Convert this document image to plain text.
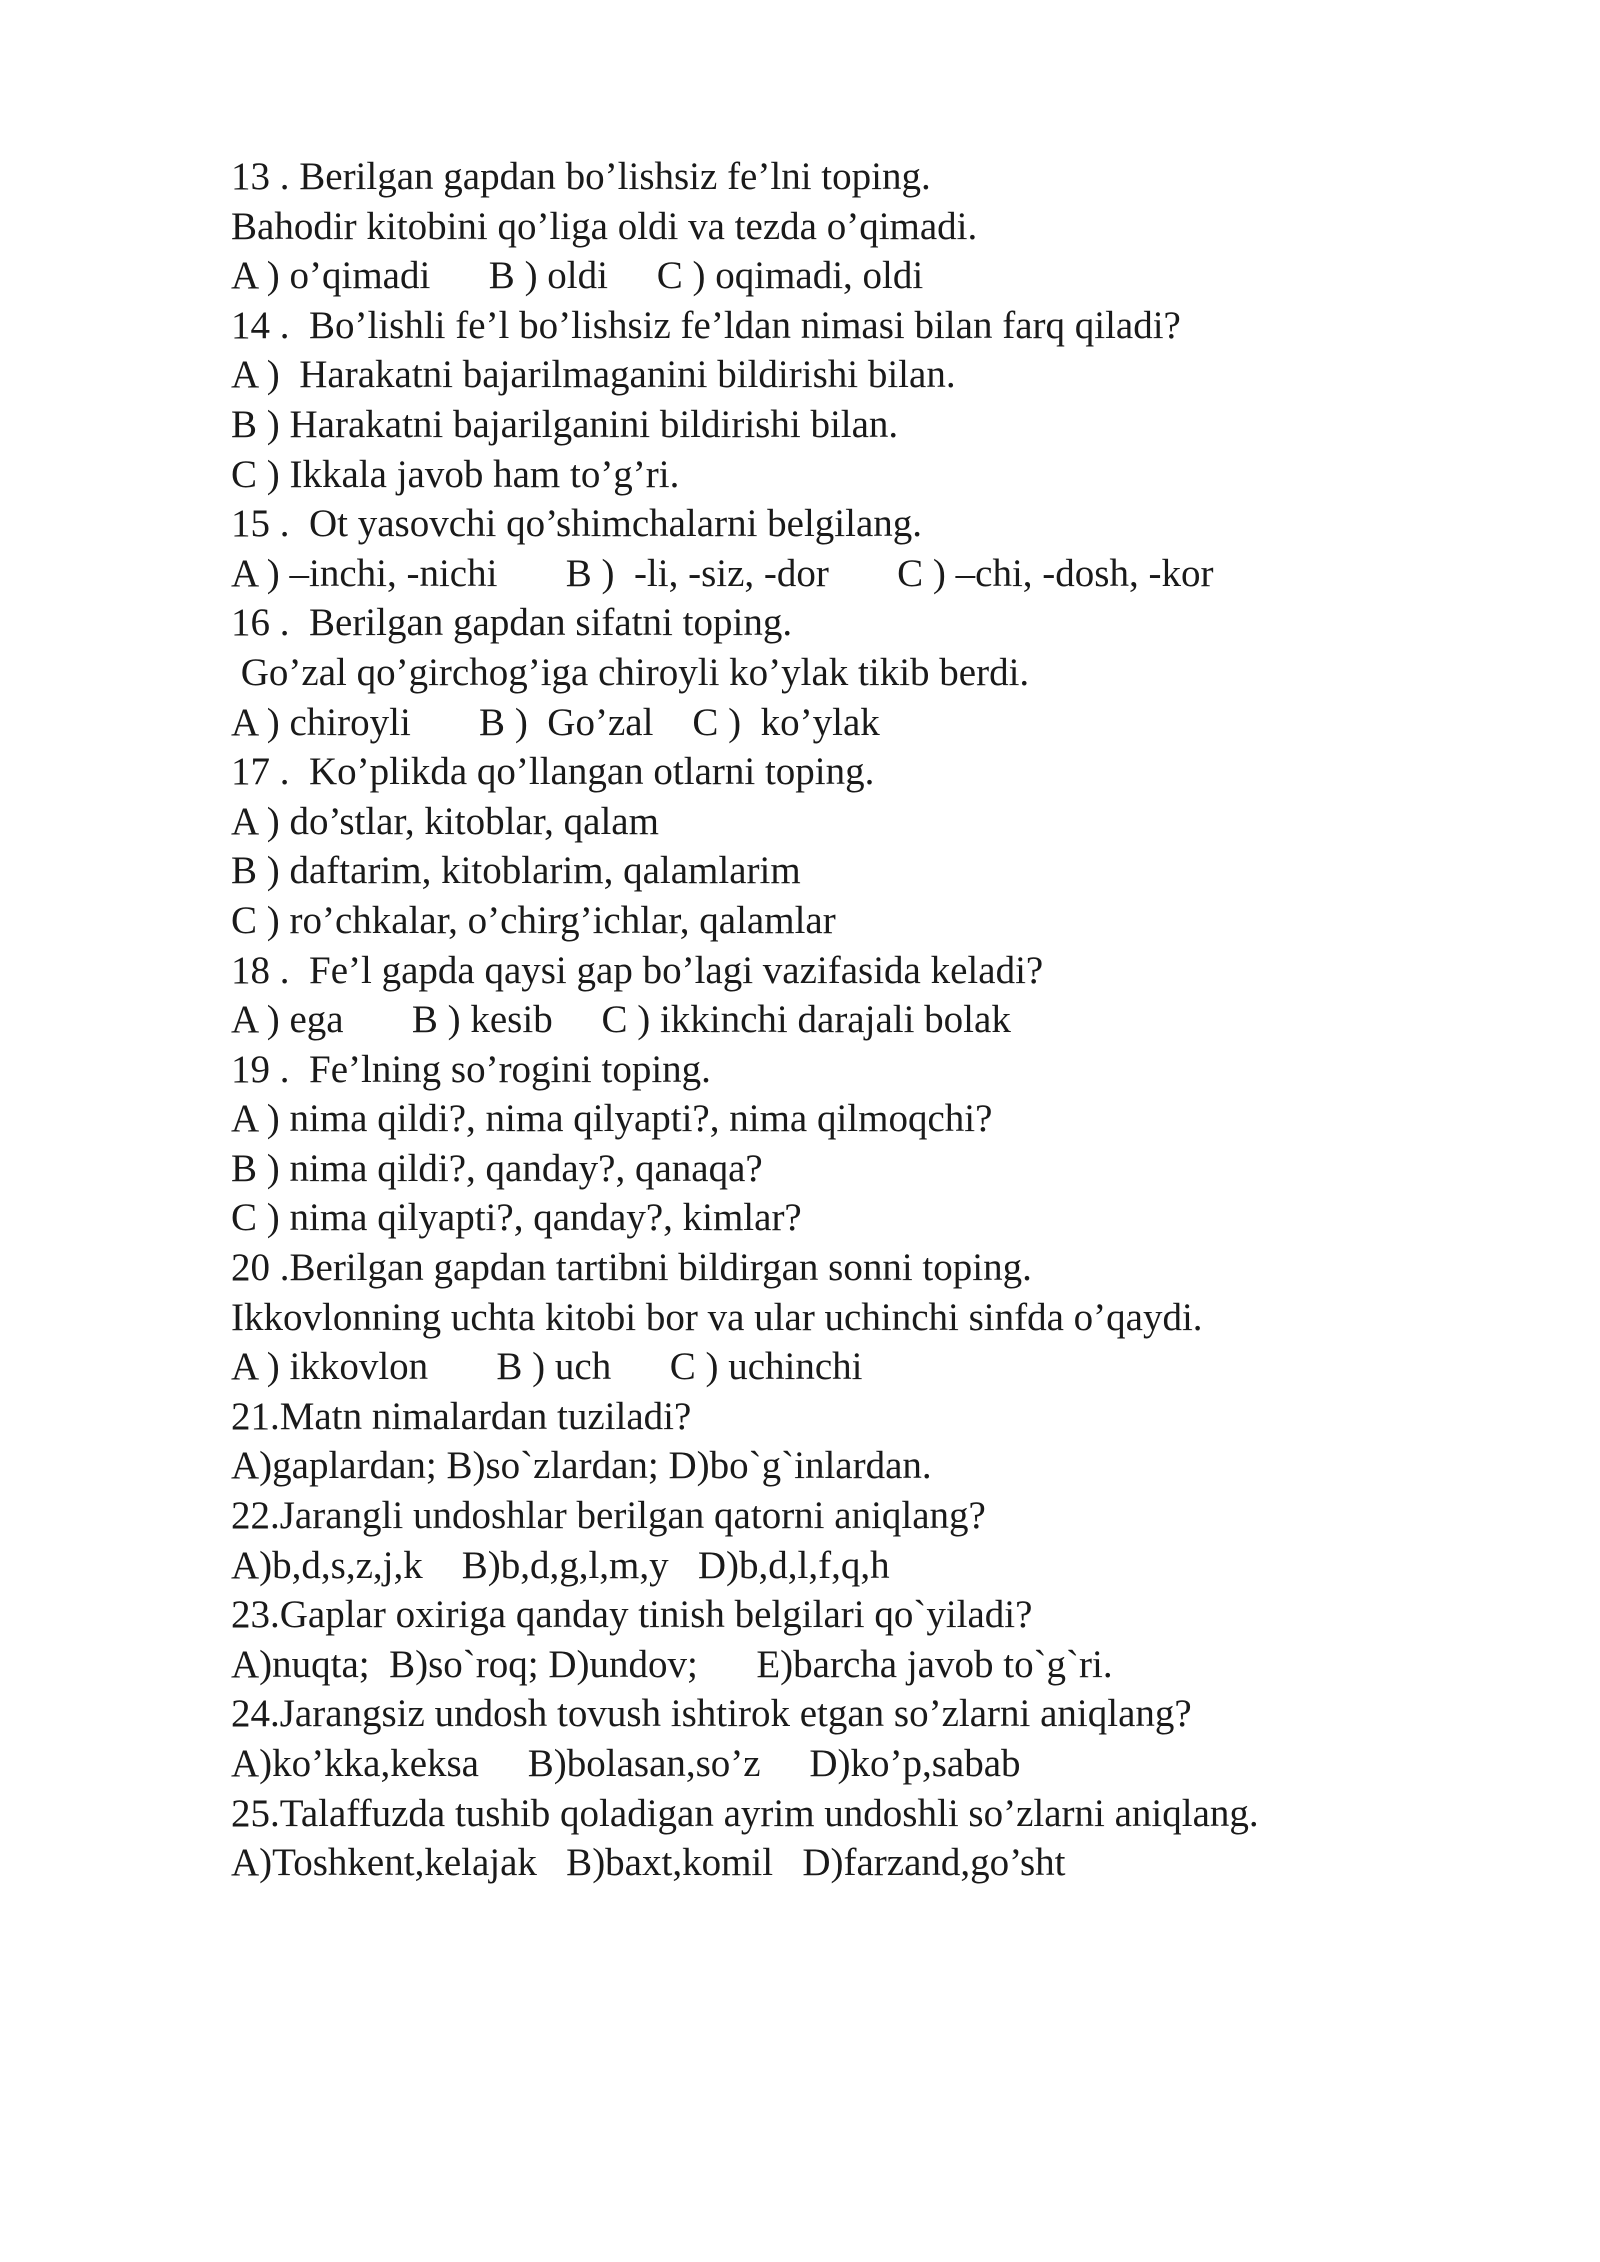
13 . Berilgan gapdan bo’lishsiz fe’lni toping.
Bahodir kitobini qo’liga oldi va tezda o’qimadi.
A ) o’qimadi      B ) oldi     C ) oqimadi, oldi
14 .  Bo’lishli fe’l bo’lishsiz fe’ldan nimasi bilan farq qiladi?
A )  Harakatni bajarilmaganini bildirishi bilan.
B ) Harakatni bajarilganini bildirishi bilan.
C ) Ikkala javob ham to’g’ri.
15 .  Ot yasovchi qo’shimchalarni belgilang.
A ) –inchi, -nichi       B )  -li, -siz, -dor       C ) –chi, -dosh, -kor
16 .  Berilgan gapdan sifatni toping.
Go’zal qo’girchog’iga chiroyli ko’ylak tikib berdi.
A ) chiroyli       B )  Go’zal    C )  ko’ylak
17 .  Ko’plikda qo’llangan otlarni toping.
A ) do’stlar, kitoblar, qalam
B ) daftarim, kitoblarim, qalamlarim
C ) ro’chkalar, o’chirg’ichlar, qalamlar
18 .  Fe’l gapda qaysi gap bo’lagi vazifasida keladi?
A ) ega       B ) kesib     C ) ikkinchi darajali bolak
19 .  Fe’lning so’rogini toping.
A ) nima qildi?, nima qilyapti?, nima qilmoqchi?
B ) nima qildi?, qanday?, qanaqa?
C ) nima qilyapti?, qanday?, kimlar?
20 .Berilgan gapdan tartibni bildirgan sonni toping.
Ikkovlonning uchta kitobi bor va ular uchinchi sinfda o’qaydi.
A ) ikkovlon       B ) uch      C ) uchinchi
21.Matn nimalardan tuziladi?
A)gaplardan; B)so`zlardan; D)bo`g`inlardan.
22.Jarangli undoshlar berilgan qatorni aniqlang?
A)b,d,s,z,j,k    B)b,d,g,l,m,y   D)b,d,l,f,q,h
23.Gaplar oxiriga qanday tinish belgilari qo`yiladi?
A)nuqta;  B)so`roq; D)undov;      E)barcha javob to`g`ri.
24.Jarangsiz undosh tovush ishtirok etgan so’zlarni aniqlang?
A)ko’kka,keksa     B)bolasan,so’z     D)ko’p,sabab
25.Talaffuzda tushib qoladigan ayrim undoshli so’zlarni aniqlang.
A)Toshkent,kelajak   B)baxt,komil   D)farzand,go’sht
